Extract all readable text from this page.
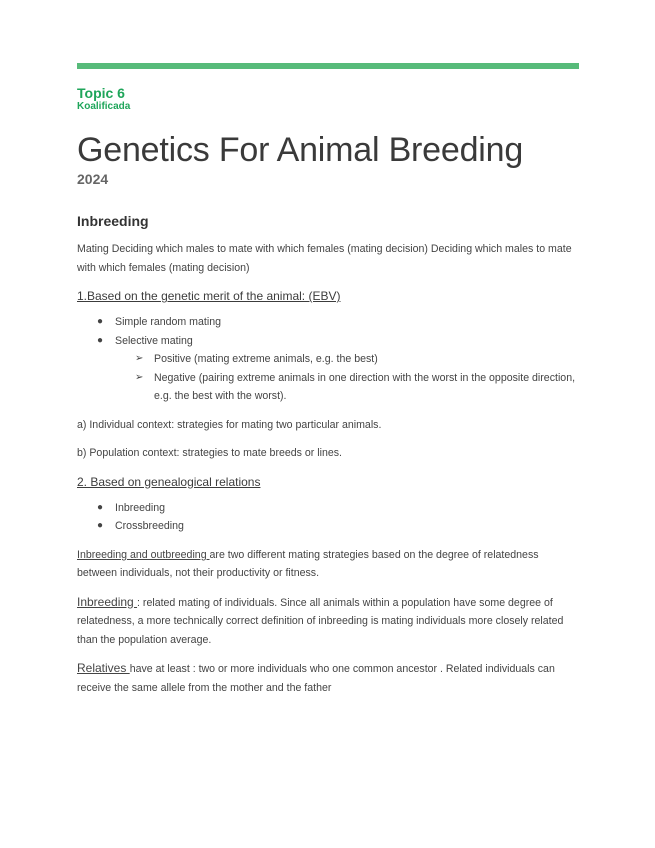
Topic 6
Koalificada
Genetics For Animal Breeding
2024
Inbreeding

Mating Deciding which males to mate with which females (mating decision) Deciding which males to mate with which females (mating decision)

1.Based on the genetic merit of the animal: (EBV)
● Simple random mating
● Selective mating
➢ Positive (mating extreme animals, e.g. the best)
➢ Negative (pairing extreme animals in one direction with the worst in the opposite direction, e.g. the best with the worst).

a) Individual context: strategies for mating two particular animals.

b) Population context: strategies to mate breeds or lines.

2. Based on genealogical relations
● Inbreeding
● Crossbreeding

Inbreeding and outbreeding are two different mating strategies based on the degree of relatedness between individuals, not their productivity or fitness.

Inbreeding : related mating of individuals. Since all animals within a population have some degree of relatedness, a more technically correct definition of inbreeding is mating individuals more closely related than the population average.

Relatives have at least : two or more individuals who one common ancestor . Related individuals can receive the same allele from the mother and the father
